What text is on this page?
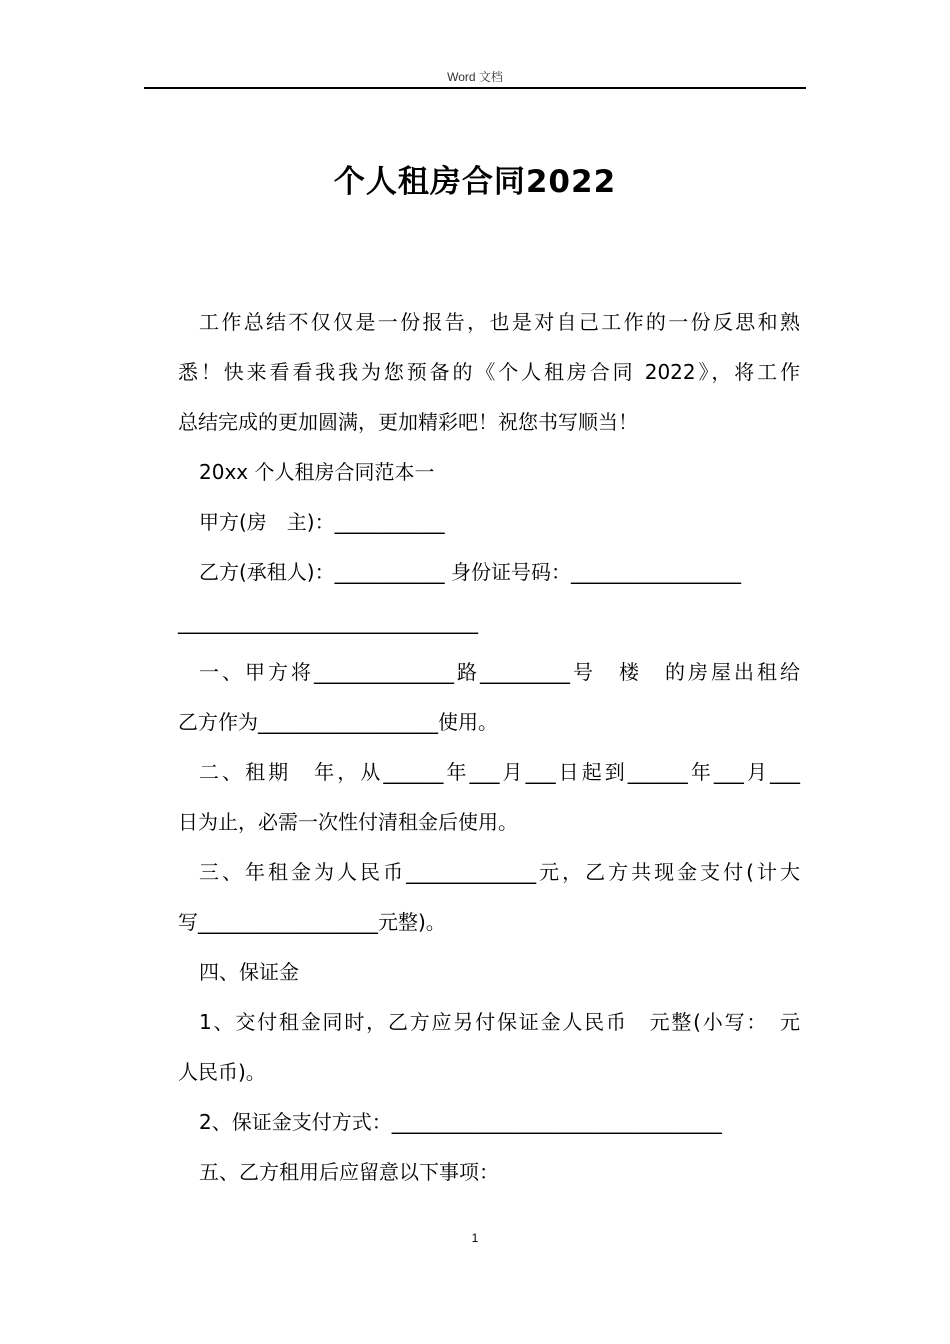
Word 文档
个人租房合同2022

工作总结不仅仅是一份报告，也是对自己工作的一份反思和熟

悉！快来看看我我为您预备的《个人租房合同 2022》，将工作

总结完成的更加圆满，更加精彩吧！祝您书写顺当！

20xx 个人租房合同范本一

甲方(房　主)：___________

乙方(承租人)：___________ 身份证号码：_________________

______________________________

一、甲方将______________路_________号　楼　的房屋出租给

乙方作为__________________使用。

二、租期　年，从______年___月___日起到______年___月___

日为止，必需一次性付清租金后使用。

三、年租金为人民币_____________元，乙方共现金支付(计大

写__________________元整)。

四、保证金

1、交付租金同时，乙方应另付保证金人民币　元整(小写：　元

人民币)。

2、保证金支付方式：_________________________________

五、乙方租用后应留意以下事项：

1
